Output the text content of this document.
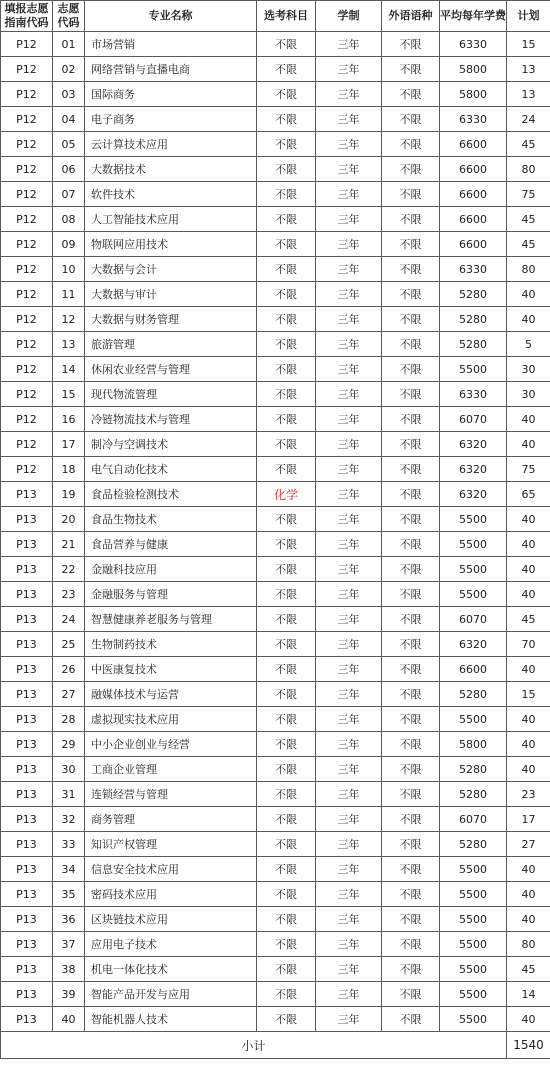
填报志愿指南代码	志愿代码	专业名称	选考科目	学制	外语语种	平均每年学费	计划
P12	01	市场营销	不限	三年	不限	6330	15
P12	02	网络营销与直播电商	不限	三年	不限	5800	13
P12	03	国际商务	不限	三年	不限	5800	13
P12	04	电子商务	不限	三年	不限	6330	24
P12	05	云计算技术应用	不限	三年	不限	6600	45
P12	06	大数据技术	不限	三年	不限	6600	80
P12	07	软件技术	不限	三年	不限	6600	75
P12	08	人工智能技术应用	不限	三年	不限	6600	45
P12	09	物联网应用技术	不限	三年	不限	6600	45
P12	10	大数据与会计	不限	三年	不限	6330	80
P12	11	大数据与审计	不限	三年	不限	5280	40
P12	12	大数据与财务管理	不限	三年	不限	5280	40
P12	13	旅游管理	不限	三年	不限	5280	5
P12	14	休闲农业经营与管理	不限	三年	不限	5500	30
P12	15	现代物流管理	不限	三年	不限	6330	30
P12	16	冷链物流技术与管理	不限	三年	不限	6070	40
P12	17	制冷与空调技术	不限	三年	不限	6320	40
P12	18	电气自动化技术	不限	三年	不限	6320	75
P13	19	食品检验检测技术	化学	三年	不限	6320	65
P13	20	食品生物技术	不限	三年	不限	5500	40
P13	21	食品营养与健康	不限	三年	不限	5500	40
P13	22	金融科技应用	不限	三年	不限	5500	40
P13	23	金融服务与管理	不限	三年	不限	5500	40
P13	24	智慧健康养老服务与管理	不限	三年	不限	6070	45
P13	25	生物制药技术	不限	三年	不限	6320	70
P13	26	中医康复技术	不限	三年	不限	6600	40
P13	27	融媒体技术与运营	不限	三年	不限	5280	15
P13	28	虚拟现实技术应用	不限	三年	不限	5500	40
P13	29	中小企业创业与经营	不限	三年	不限	5800	40
P13	30	工商企业管理	不限	三年	不限	5280	40
P13	31	连锁经营与管理	不限	三年	不限	5280	23
P13	32	商务管理	不限	三年	不限	6070	17
P13	33	知识产权管理	不限	三年	不限	5280	27
P13	34	信息安全技术应用	不限	三年	不限	5500	40
P13	35	密码技术应用	不限	三年	不限	5500	40
P13	36	区块链技术应用	不限	三年	不限	5500	40
P13	37	应用电子技术	不限	三年	不限	5500	80
P13	38	机电一体化技术	不限	三年	不限	5500	45
P13	39	智能产品开发与应用	不限	三年	不限	5500	14
P13	40	智能机器人技术	不限	三年	不限	5500	40
小计							1540
